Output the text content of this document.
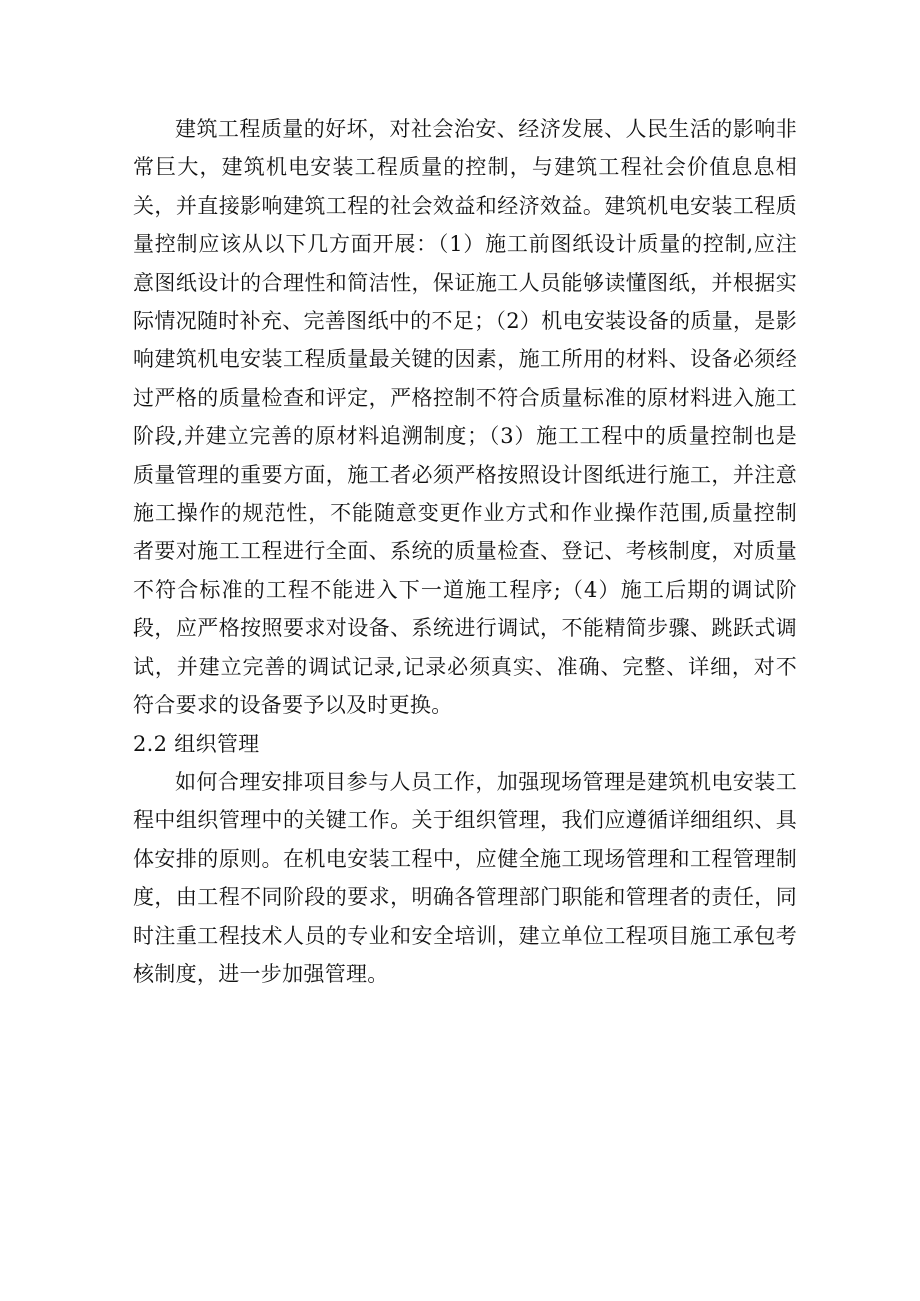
建筑工程质量的好坏，对社会治安、经济发展、人民生活的影响非常巨大，建筑机电安装工程质量的控制，与建筑工程社会价值息息相关，并直接影响建筑工程的社会效益和经济效益。建筑机电安装工程质量控制应该从以下几方面开展：（1）施工前图纸设计质量的控制,应注意图纸设计的合理性和简洁性，保证施工人员能够读懂图纸，并根据实际情况随时补充、完善图纸中的不足；（2）机电安装设备的质量，是影响建筑机电安装工程质量最关键的因素，施工所用的材料、设备必须经过严格的质量检查和评定，严格控制不符合质量标准的原材料进入施工阶段,并建立完善的原材料追溯制度；（3）施工工程中的质量控制也是质量管理的重要方面，施工者必须严格按照设计图纸进行施工，并注意施工操作的规范性，不能随意变更作业方式和作业操作范围,质量控制者要对施工工程进行全面、系统的质量检查、登记、考核制度，对质量不符合标准的工程不能进入下一道施工程序;（4）施工后期的调试阶段，应严格按照要求对设备、系统进行调试，不能精简步骤、跳跃式调试，并建立完善的调试记录,记录必须真实、准确、完整、详细，对不符合要求的设备要予以及时更换。

2.2 组织管理

如何合理安排项目参与人员工作，加强现场管理是建筑机电安装工程中组织管理中的关键工作。关于组织管理，我们应遵循详细组织、具体安排的原则。在机电安装工程中，应健全施工现场管理和工程管理制度，由工程不同阶段的要求，明确各管理部门职能和管理者的责任，同时注重工程技术人员的专业和安全培训，建立单位工程项目施工承包考核制度，进一步加强管理。
